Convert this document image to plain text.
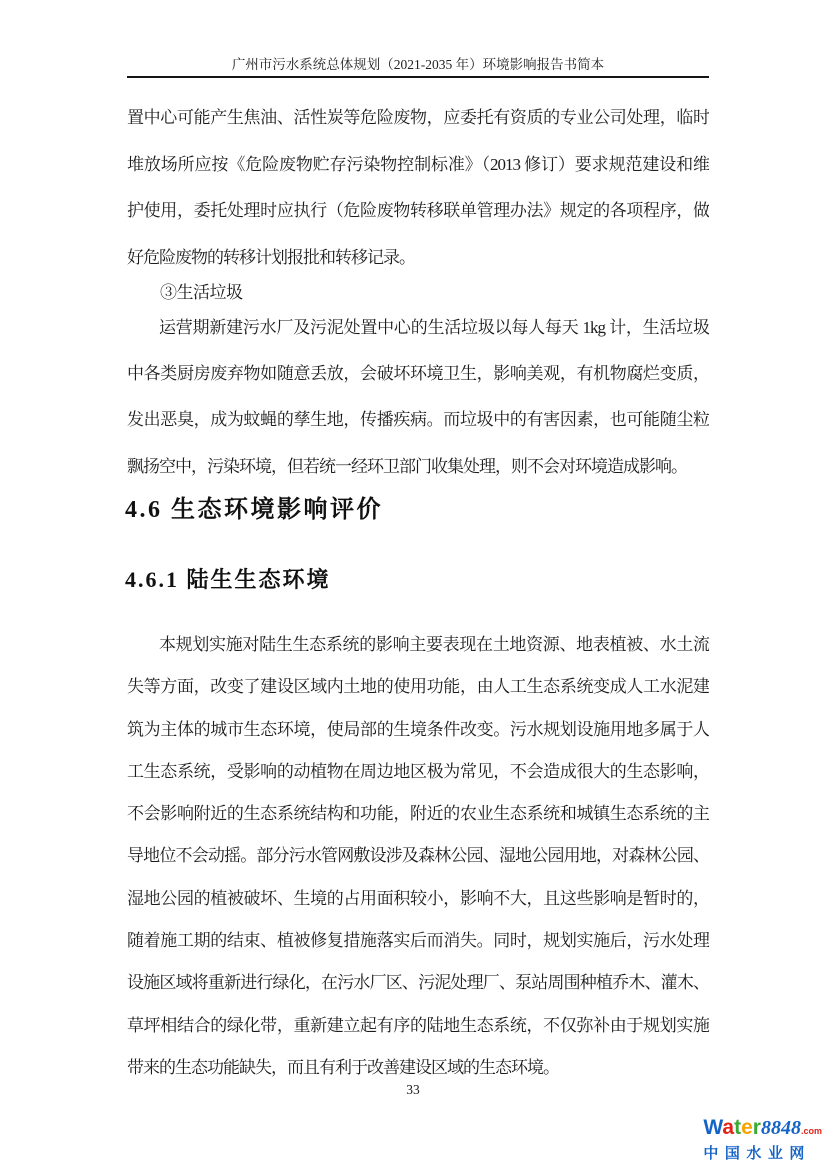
广州市污水系统总体规划（2021-2035 年）环境影响报告书简本
置中心可能产生焦油、活性炭等危险废物，应委托有资质的专业公司处理，临时
堆放场所应按《危险废物贮存污染物控制标准》（2013 修订）要求规范建设和维
护使用，委托处理时应执行（危险废物转移联单管理办法》规定的各项程序，做
好危险废物的转移计划报批和转移记录。
③生活垃圾
运营期新建污水厂及污泥处置中心的生活垃圾以每人每天 1kg 计，生活垃圾
中各类厨房废弃物如随意丢放，会破坏环境卫生，影响美观，有机物腐烂变质，
发出恶臭，成为蚊蝇的孳生地，传播疾病。而垃圾中的有害因素，也可能随尘粒
飘扬空中，污染环境，但若统一经环卫部门收集处理，则不会对环境造成影响。
4.6 生态环境影响评价
4.6.1 陆生生态环境
本规划实施对陆生生态系统的影响主要表现在土地资源、地表植被、水土流
失等方面，改变了建设区域内土地的使用功能，由人工生态系统变成人工水泥建
筑为主体的城市生态环境，使局部的生境条件改变。污水规划设施用地多属于人
工生态系统，受影响的动植物在周边地区极为常见，不会造成很大的生态影响，
不会影响附近的生态系统结构和功能，附近的农业生态系统和城镇生态系统的主
导地位不会动摇。部分污水管网敷设涉及森林公园、湿地公园用地，对森林公园、
湿地公园的植被破坏、生境的占用面积较小，影响不大，且这些影响是暂时的，
随着施工期的结束、植被修复措施落实后而消失。同时，规划实施后，污水处理
设施区域将重新进行绿化，在污水厂区、污泥处理厂、泵站周围种植乔木、灌木、
草坪相结合的绿化带，重新建立起有序的陆地生态系统，不仅弥补由于规划实施
带来的生态功能缺失，而且有利于改善建设区域的生态环境。
33
Water8848.com
中国水业网
